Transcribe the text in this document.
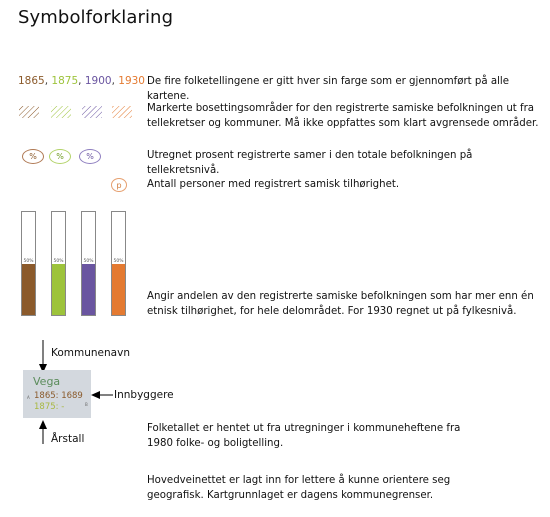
Symbolforklaring
1865, 1875, 1900, 1930 De fire folketellingene er gitt hver sin farge som er gjennomført på alle kartene.
Markerte bosettingsområder for den registrerte samiske befolkningen ut fra tellekretser og kommuner. Må ikke oppfattes som klart avgrensede områder.
%	%	%	Utregnet prosent registrerte samer i den totale befolkningen på tellekretsnivå.
p	Antall personer med registrert samisk tilhørighet.
50%	50%	50%	50%
Angir andelen av den registrerte samiske befolkningen som har mer enn én etnisk tilhørighet, for hele delområdet. For 1930 regnet ut på fylkesnivå.
Kommunenavn
Vega
A 1865: 1689
1875: -	B
Innbyggere
Årstall
Folketallet er hentet ut fra utregninger i kommuneheftene fra 1980 folke- og boligtelling.
Hovedveinettet er lagt inn for lettere å kunne orientere seg geografisk. Kartgrunnlaget er dagens kommunegrenser.
